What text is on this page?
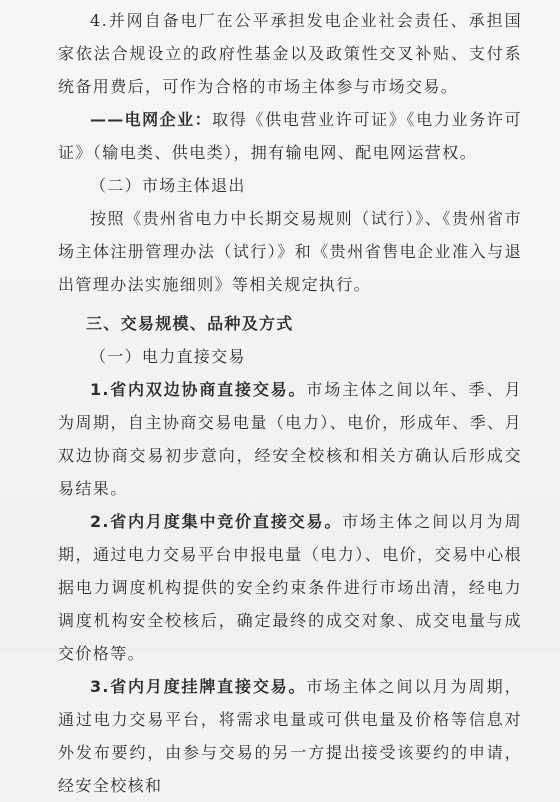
4.并网自备电厂在公平承担发电企业社会责任、承担国家依法合规设立的政府性基金以及政策性交叉补贴、支付系统备用费后，可作为合格的市场主体参与市场交易。

——电网企业：取得《供电营业许可证》《电力业务许可证》（输电类、供电类），拥有输电网、配电网运营权。

（二）市场主体退出

按照《贵州省电力中长期交易规则（试行）》、《贵州省市场主体注册管理办法（试行）》和《贵州省售电企业准入与退出管理办法实施细则》等相关规定执行。

三、交易规模、品种及方式

（一）电力直接交易

1.省内双边协商直接交易。市场主体之间以年、季、月为周期，自主协商交易电量（电力）、电价，形成年、季、月双边协商交易初步意向，经安全校核和相关方确认后形成交易结果。

2.省内月度集中竞价直接交易。市场主体之间以月为周期，通过电力交易平台申报电量（电力）、电价，交易中心根据电力调度机构提供的安全约束条件进行市场出清，经电力调度机构安全校核后，确定最终的成交对象、成交电量与成交价格等。

3.省内月度挂牌直接交易。市场主体之间以月为周期，通过电力交易平台，将需求电量或可供电量及价格等信息对外发布要约，由参与交易的另一方提出接受该要约的申请，经安全校核和
